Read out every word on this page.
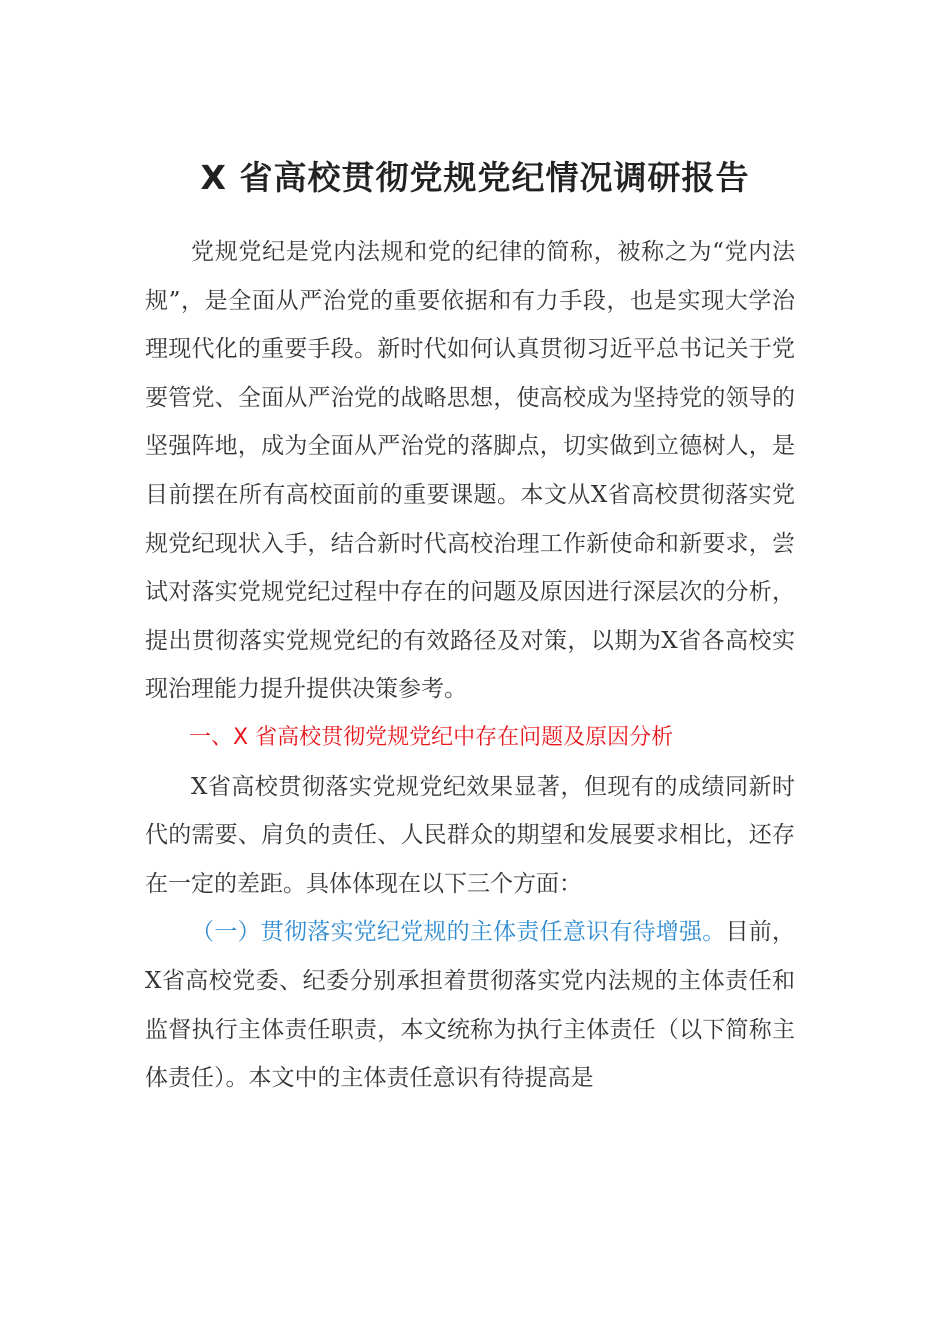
X 省高校贯彻党规党纪情况调研报告

党规党纪是党内法规和党的纪律的简称，被称之为“党内法规”，是全面从严治党的重要依据和有力手段，也是实现大学治理现代化的重要手段。新时代如何认真贯彻习近平总书记关于党要管党、全面从严治党的战略思想，使高校成为坚持党的领导的坚强阵地，成为全面从严治党的落脚点，切实做到立德树人，是目前摆在所有高校面前的重要课题。本文从X省高校贯彻落实党规党纪现状入手，结合新时代高校治理工作新使命和新要求，尝试对落实党规党纪过程中存在的问题及原因进行深层次的分析，提出贯彻落实党规党纪的有效路径及对策，以期为X省各高校实现治理能力提升提供决策参考。

一、X 省高校贯彻党规党纪中存在问题及原因分析

X省高校贯彻落实党规党纪效果显著，但现有的成绩同新时代的需要、肩负的责任、人民群众的期望和发展要求相比，还存在一定的差距。具体体现在以下三个方面：

（一）贯彻落实党纪党规的主体责任意识有待增强。目前，X省高校党委、纪委分别承担着贯彻落实党内法规的主体责任和监督执行主体责任职责，本文统称为执行主体责任（以下简称主体责任）。本文中的主体责任意识有待提高是
